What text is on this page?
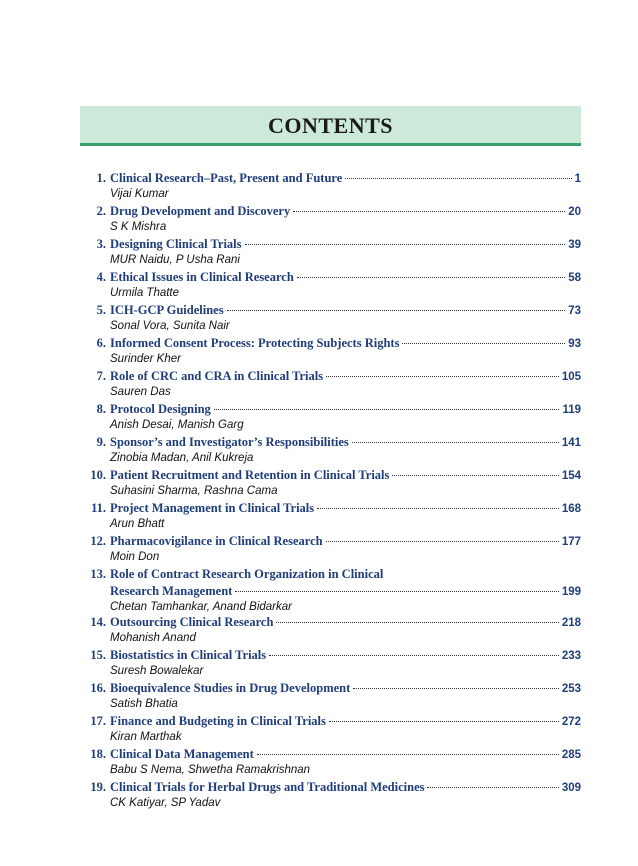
CONTENTS
1. Clinical Research–Past, Present and Future	1
Vijai Kumar
2. Drug Development and Discovery	20
S K Mishra
3. Designing Clinical Trials	39
MUR Naidu, P Usha Rani
4. Ethical Issues in Clinical Research	58
Urmila Thatte
5. ICH-GCP Guidelines	73
Sonal Vora, Sunita Nair
6. Informed Consent Process: Protecting Subjects Rights	93
Surinder Kher
7. Role of CRC and CRA in Clinical Trials	105
Sauren Das
8. Protocol Designing	119
Anish Desai, Manish Garg
9. Sponsor’s and Investigator’s Responsibilities	141
Zinobia Madan, Anil Kukreja
10. Patient Recruitment and Retention in Clinical Trials	154
Suhasini Sharma, Rashna Cama
11. Project Management in Clinical Trials	168
Arun Bhatt
12. Pharmacovigilance in Clinical Research	177
Moin Don
13. Role of Contract Research Organization in Clinical
Research Management	199
Chetan Tamhankar, Anand Bidarkar
14. Outsourcing Clinical Research	218
Mohanish Anand
15. Biostatistics in Clinical Trials	233
Suresh Bowalekar
16. Bioequivalence Studies in Drug Development	253
Satish Bhatia
17. Finance and Budgeting in Clinical Trials	272
Kiran Marthak
18. Clinical Data Management	285
Babu S Nema, Shwetha Ramakrishnan
19. Clinical Trials for Herbal Drugs and Traditional Medicines	309
CK Katiyar, SP Yadav
